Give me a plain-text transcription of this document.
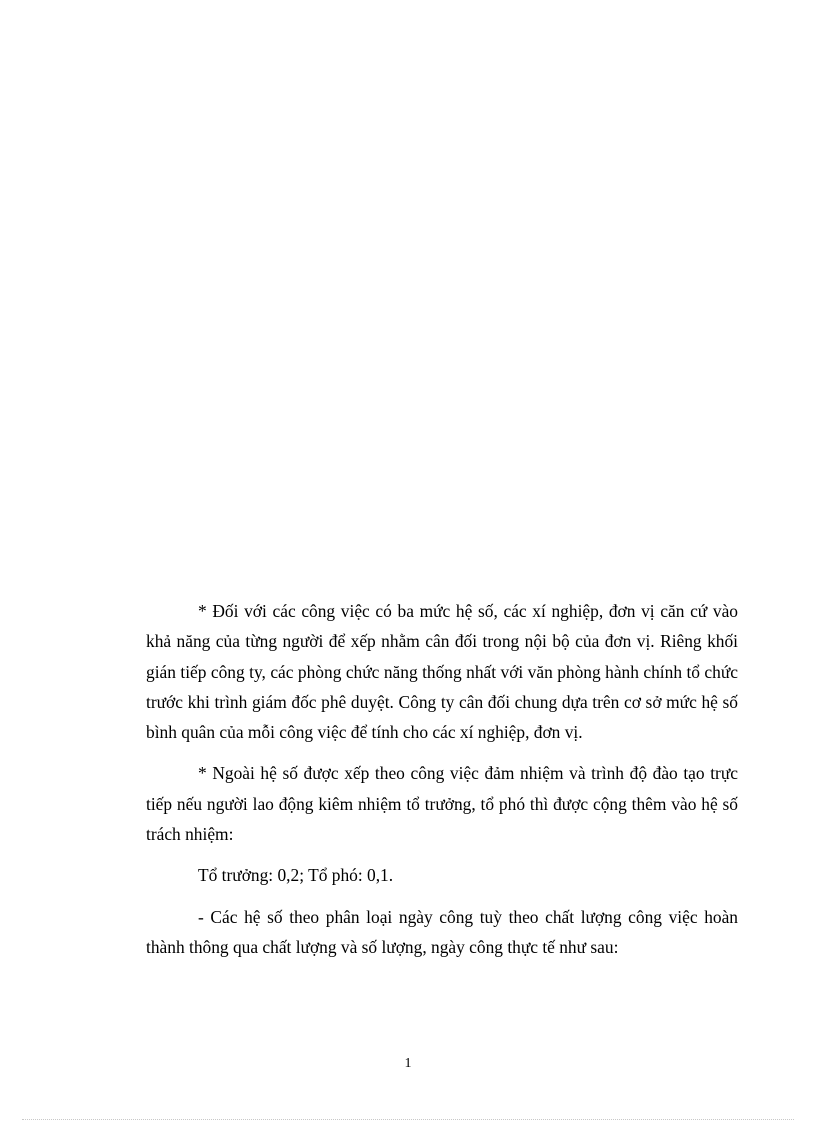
* Đối với các công việc có ba mức hệ số, các xí nghiệp, đơn vị căn cứ vào khả năng của từng người để xếp nhằm cân đối trong nội bộ của đơn vị. Riêng khối gián tiếp công ty, các phòng chức năng thống nhất với văn phòng hành chính tổ chức trước khi trình giám đốc phê duyệt. Công ty cân đối chung dựa trên cơ sở mức hệ số bình quân của mỗi công việc để tính cho các xí nghiệp, đơn vị.

* Ngoài hệ số được xếp theo công việc đảm nhiệm và trình độ đào tạo trực tiếp nếu người lao động kiêm nhiệm tổ trưởng, tổ phó thì được cộng thêm vào hệ số trách nhiệm:

Tổ trưởng: 0,2; Tổ phó: 0,1.

- Các hệ số theo phân loại ngày công tuỳ theo chất lượng công việc hoàn thành thông qua chất lượng và số lượng, ngày công thực tế như sau:

1
